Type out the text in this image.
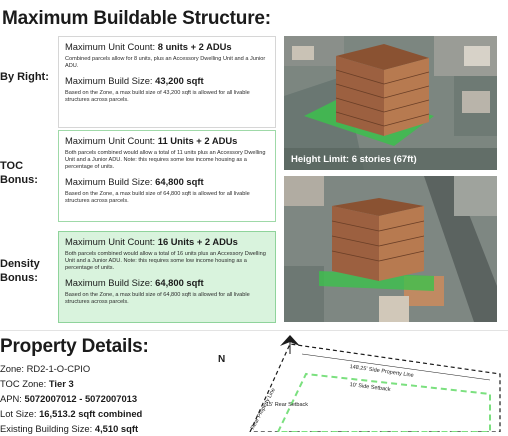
Maximum Buildable Structure:
By Right:
TOC
Bonus:
Density
Bonus:

Maximum Unit Count: 8 units + 2 ADUs

Combined parcels allow for 8 units, plus an Accessory Dwelling Unit and a Junior ADU.

Maximum Build Size: 43,200 sqft

Based on the Zone, a max build size of 43,200 sqft is allowed for all livable structures across parcels.

Maximum Unit Count: 11 Units + 2 ADUs

Both parcels combined would allow a total of 11 units plus an Accessory Dwelling Unit and a Junior ADU. Note: this requires some low income housing as a percentage of units.

Maximum Build Size: 64,800 sqft

Based on the Zone, a max build size of 64,800 sqft is allowed for all livable structures across parcels.

Maximum Unit Count: 16 Units + 2 ADUs

Both parcels combined would allow a total of 16 units plus an Accessory Dwelling Unit and a Junior ADU. Note: this requires some low income housing as a percentage of units.

Maximum Build Size: 64,800 sqft

Based on the Zone, a max build size of 64,800 sqft is allowed for all livable structures across parcels.

Height Limit: 6 stories (67ft)
Property Details:
Zone: RD2-1-O-CPIO
TOC Zone: Tier 3
APN: 5072007012 - 5072007013
Lot Size: 16,513.2 sqft combined
Existing Building Size: 4,510 sqft
N
148.25' Side Property Line
10' Side Setback
15' Rear Setback
Rear Property Line
